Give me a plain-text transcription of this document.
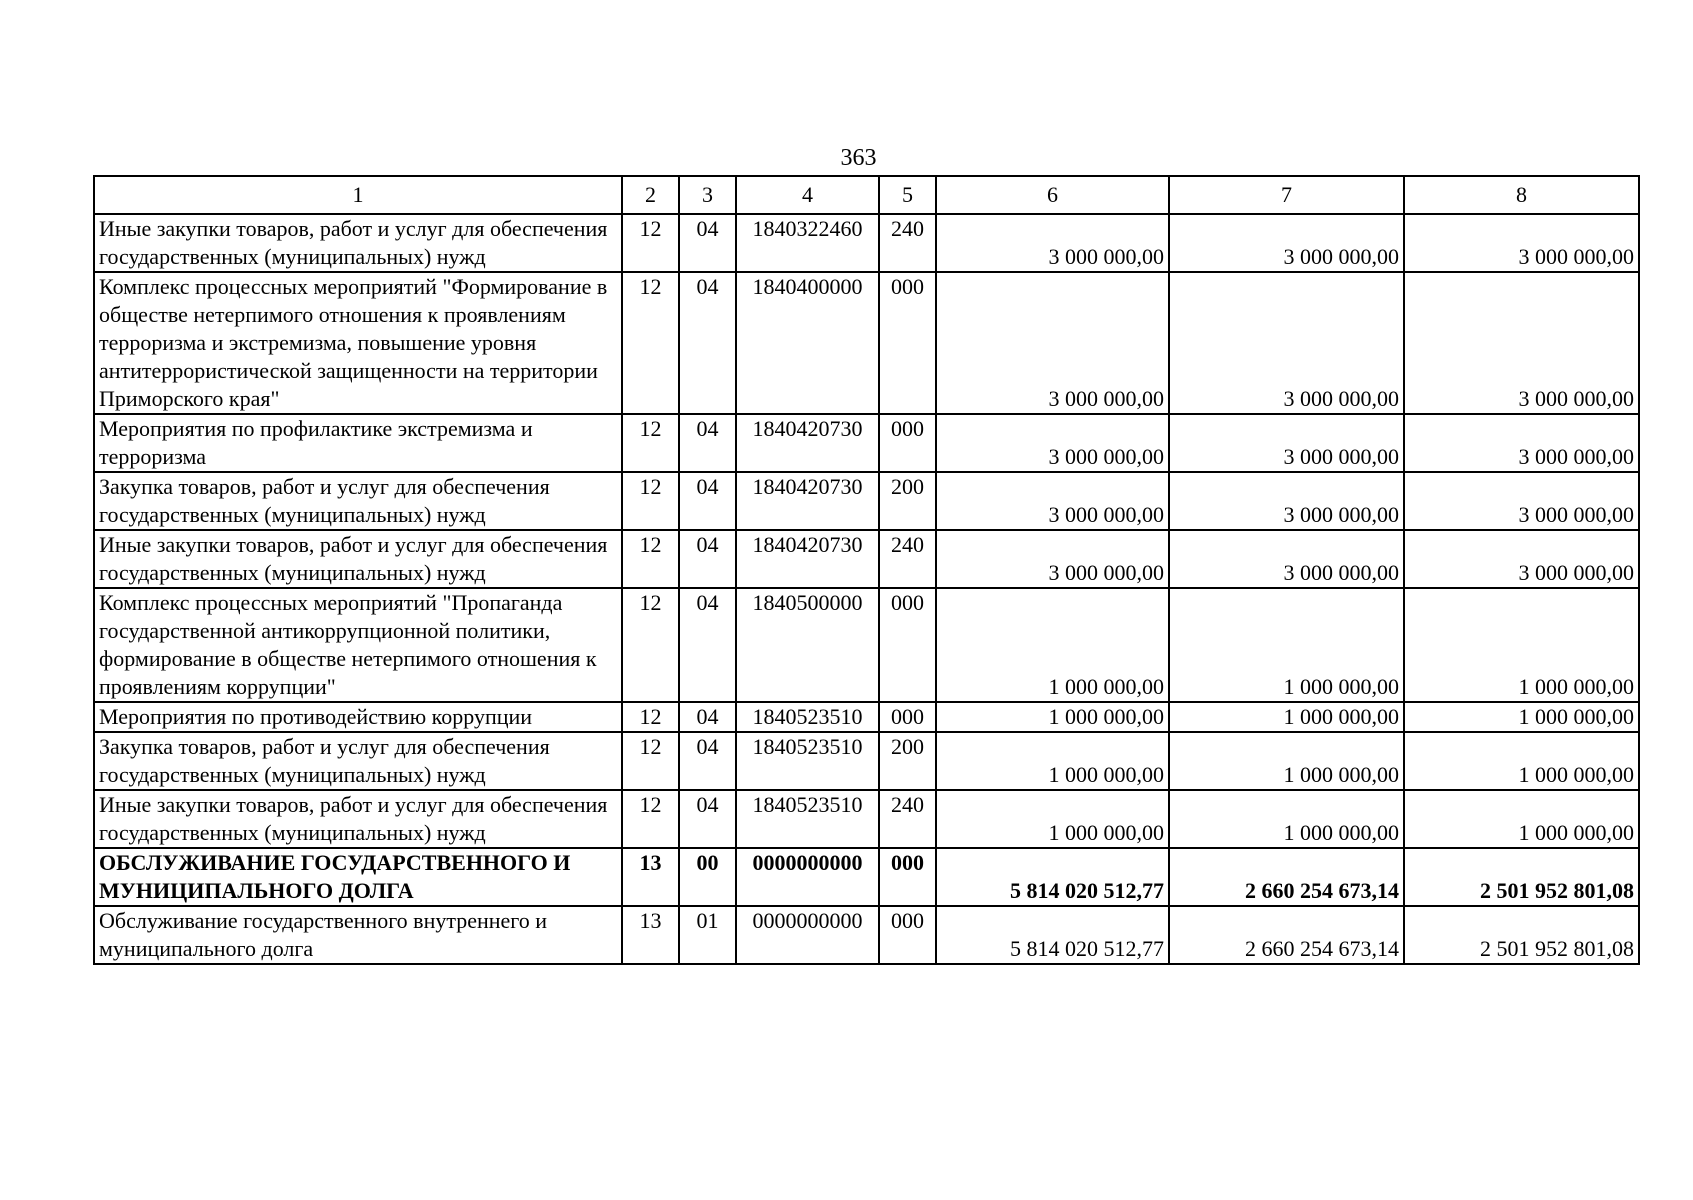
363
1	2	3	4	5	6	7	8
Иные закупки товаров, работ и услуг для обеспечения государственных (муниципальных) нужд	12	04	1840322460	240	3 000 000,00	3 000 000,00	3 000 000,00
Комплекс процессных мероприятий "Формирование в обществе нетерпимого отношения к проявлениям терроризма и экстремизма, повышение уровня антитеррористической защищенности на территории Приморского края"	12	04	1840400000	000	3 000 000,00	3 000 000,00	3 000 000,00
Мероприятия по профилактике экстремизма и терроризма	12	04	1840420730	000	3 000 000,00	3 000 000,00	3 000 000,00
Закупка товаров, работ и услуг для обеспечения государственных (муниципальных) нужд	12	04	1840420730	200	3 000 000,00	3 000 000,00	3 000 000,00
Иные закупки товаров, работ и услуг для обеспечения государственных (муниципальных) нужд	12	04	1840420730	240	3 000 000,00	3 000 000,00	3 000 000,00
Комплекс процессных мероприятий "Пропаганда государственной антикоррупционной политики, формирование в обществе нетерпимого отношения к проявлениям коррупции"	12	04	1840500000	000	1 000 000,00	1 000 000,00	1 000 000,00
Мероприятия по противодействию коррупции	12	04	1840523510	000	1 000 000,00	1 000 000,00	1 000 000,00
Закупка товаров, работ и услуг для обеспечения государственных (муниципальных) нужд	12	04	1840523510	200	1 000 000,00	1 000 000,00	1 000 000,00
Иные закупки товаров, работ и услуг для обеспечения государственных (муниципальных) нужд	12	04	1840523510	240	1 000 000,00	1 000 000,00	1 000 000,00
ОБСЛУЖИВАНИЕ ГОСУДАРСТВЕННОГО И МУНИЦИПАЛЬНОГО ДОЛГА	13	00	0000000000	000	5 814 020 512,77	2 660 254 673,14	2 501 952 801,08
Обслуживание государственного внутреннего и муниципального долга	13	01	0000000000	000	5 814 020 512,77	2 660 254 673,14	2 501 952 801,08
